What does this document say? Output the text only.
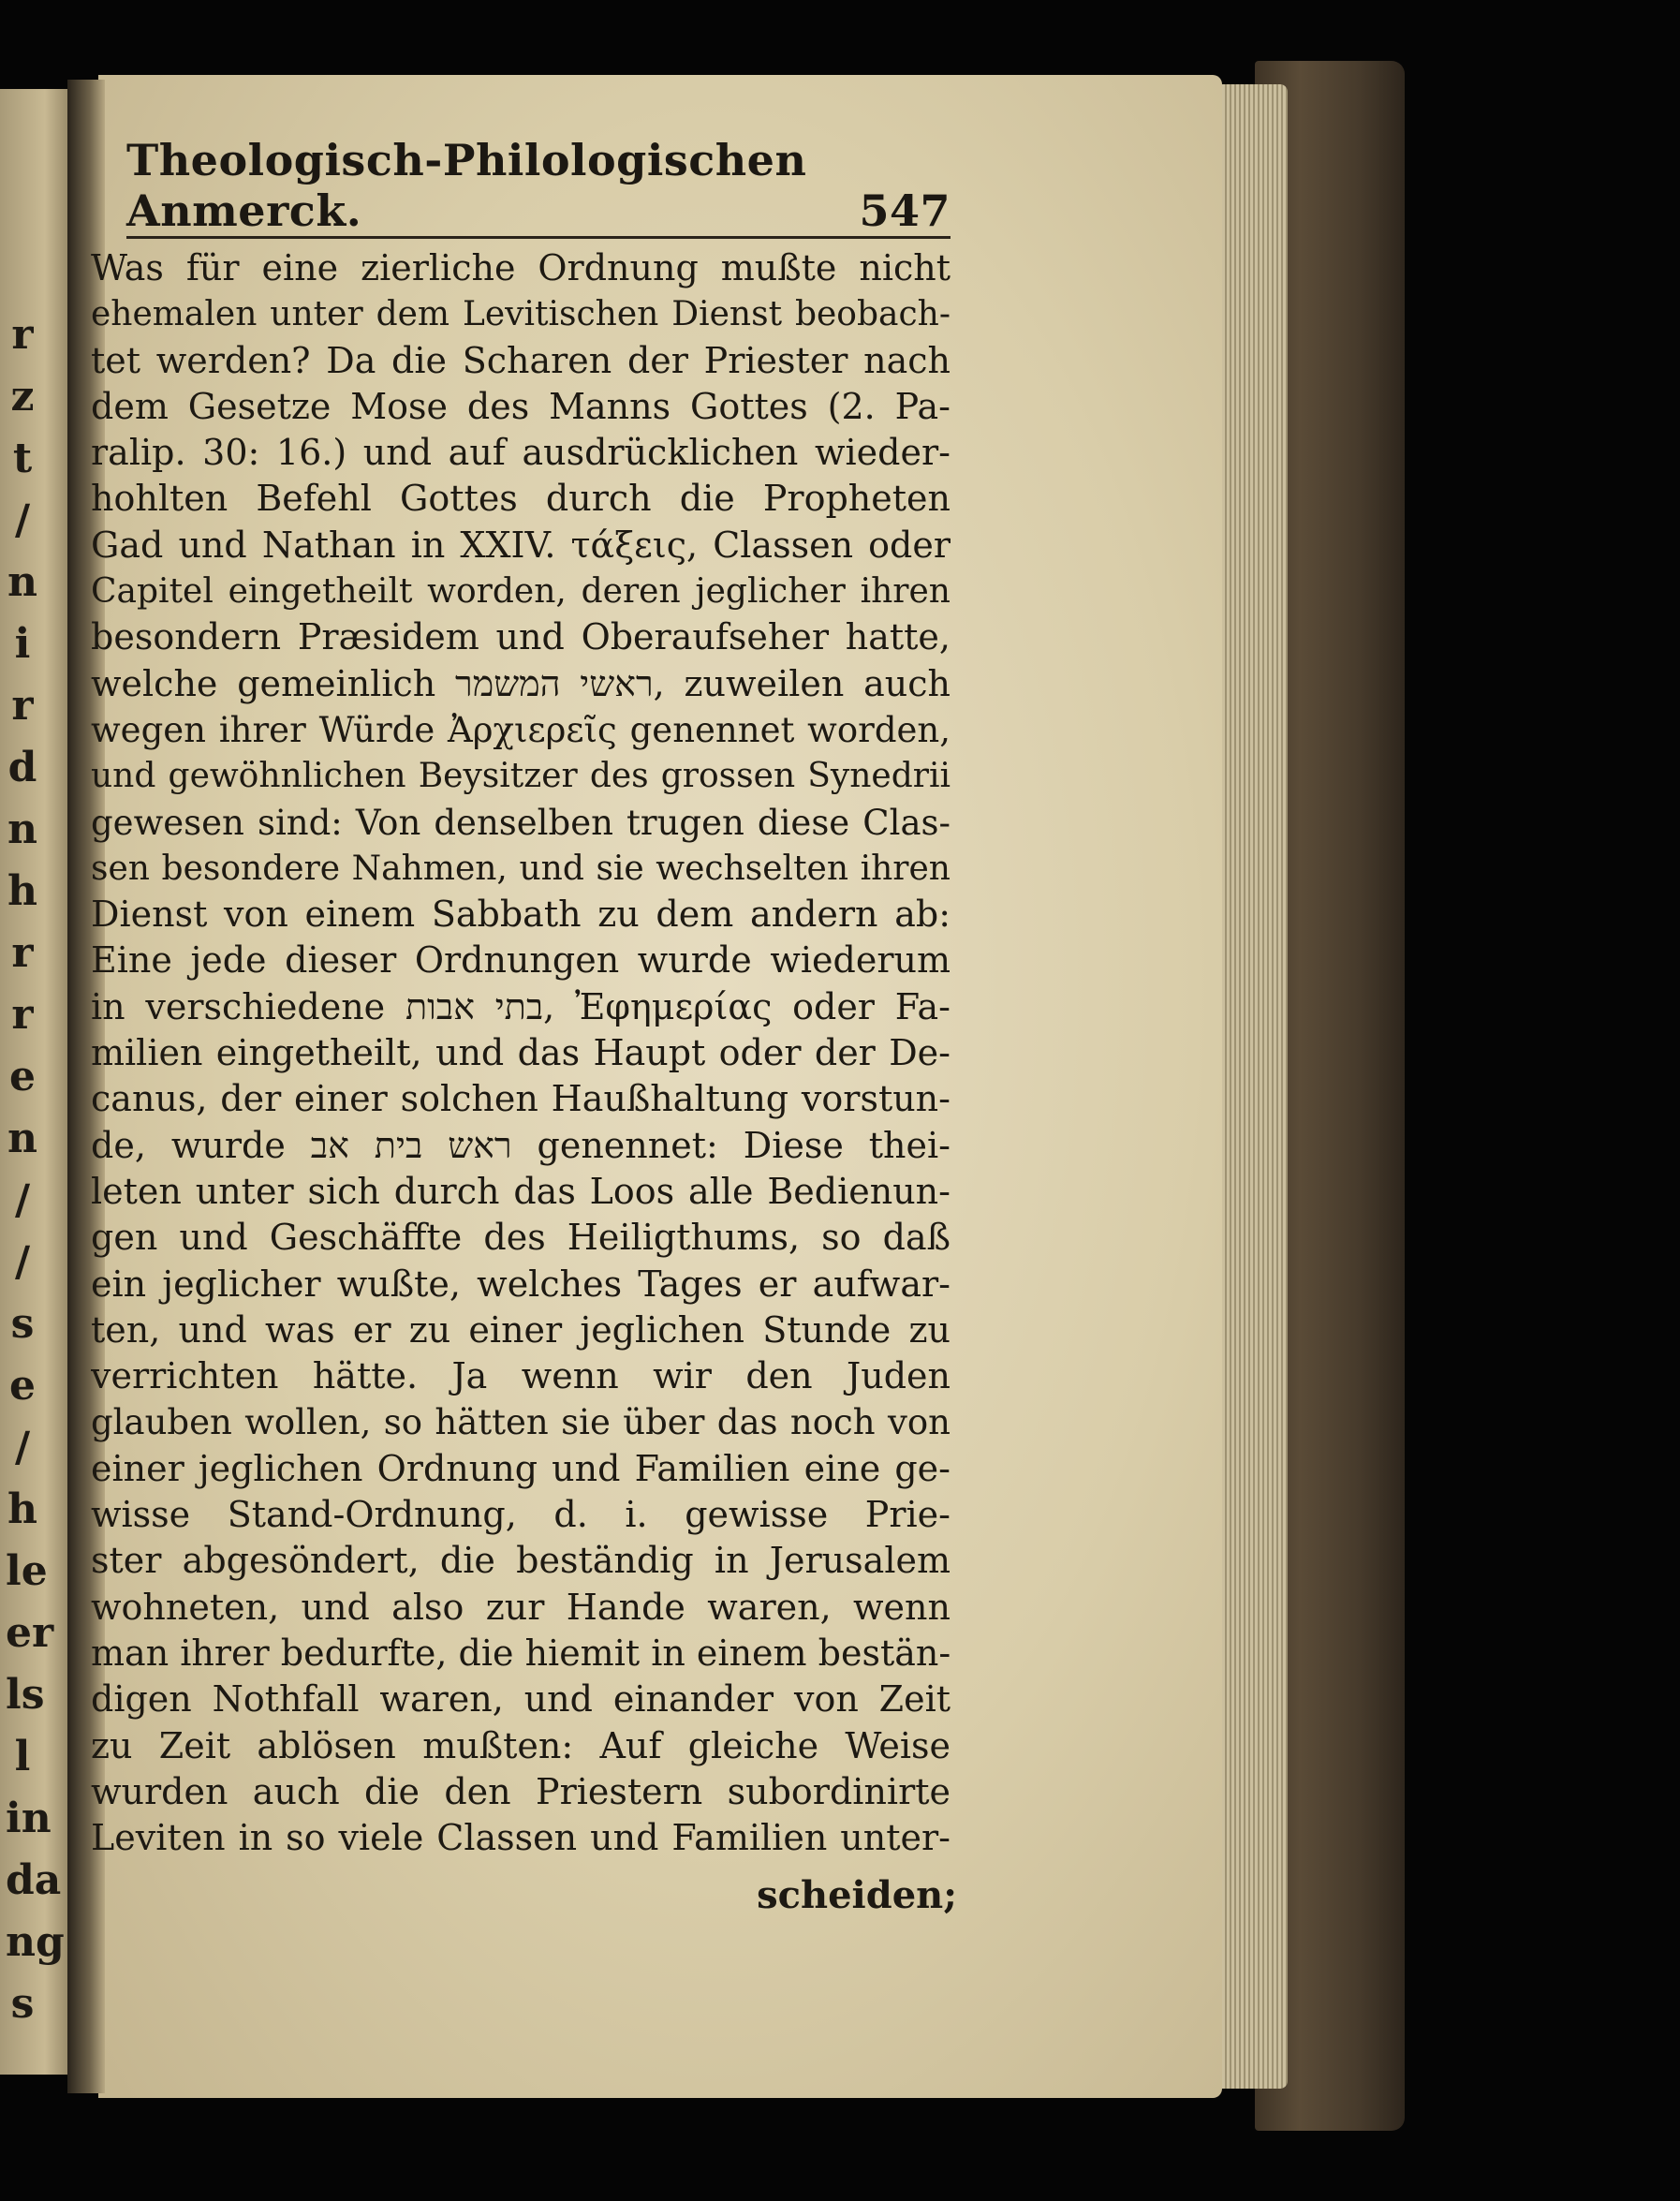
r
z
t
/
n
i
r
d
n
h
r
r
e
n
/
/
s
e
/
h
le
er
ls
l
in
da
ng
s
Theologisch-Philologischen Anmerck.	547
Was für eine zierliche Ordnung mußte nicht
ehemalen unter dem Levitischen Dienst beobach-
tet werden? Da die Scharen der Priester nach
dem Gesetze Mose des Manns Gottes (2. Pa-
ralip. 30: 16.) und auf ausdrücklichen wieder-
hohlten Befehl Gottes durch die Propheten
Gad und Nathan in XXIV. τάξεις, Classen oder
Capitel eingetheilt worden, deren jeglicher ihren
besondern Præsidem und Oberaufseher hatte,
welche gemeinlich ראשי המשמר, zuweilen auch
wegen ihrer Würde Ἀρχιερεῖς genennet worden,
und gewöhnlichen Beysitzer des grossen Synedrii
gewesen sind: Von denselben trugen diese Clas-
sen besondere Nahmen, und sie wechselten ihren
Dienst von einem Sabbath zu dem andern ab:
Eine jede dieser Ordnungen wurde wiederum
in verschiedene בתי אבות, Ἐφημερίας oder Fa-
milien eingetheilt, und das Haupt oder der De-
canus, der einer solchen Haußhaltung vorstun-
de, wurde ראש בית אב genennet: Diese thei-
leten unter sich durch das Loos alle Bedienun-
gen und Geschäffte des Heiligthums, so daß
ein jeglicher wußte, welches Tages er aufwar-
ten, und was er zu einer jeglichen Stunde zu
verrichten hätte. Ja wenn wir den Juden
glauben wollen, so hätten sie über das noch von
einer jeglichen Ordnung und Familien eine ge-
wisse Stand-Ordnung, d. i. gewisse Prie-
ster abgesöndert, die beständig in Jerusalem
wohneten, und also zur Hande waren, wenn
man ihrer bedurfte, die hiemit in einem bestän-
digen Nothfall waren, und einander von Zeit
zu Zeit ablösen mußten: Auf gleiche Weise
wurden auch die den Priestern subordinirte
Leviten in so viele Classen und Familien unter-
scheiden;
